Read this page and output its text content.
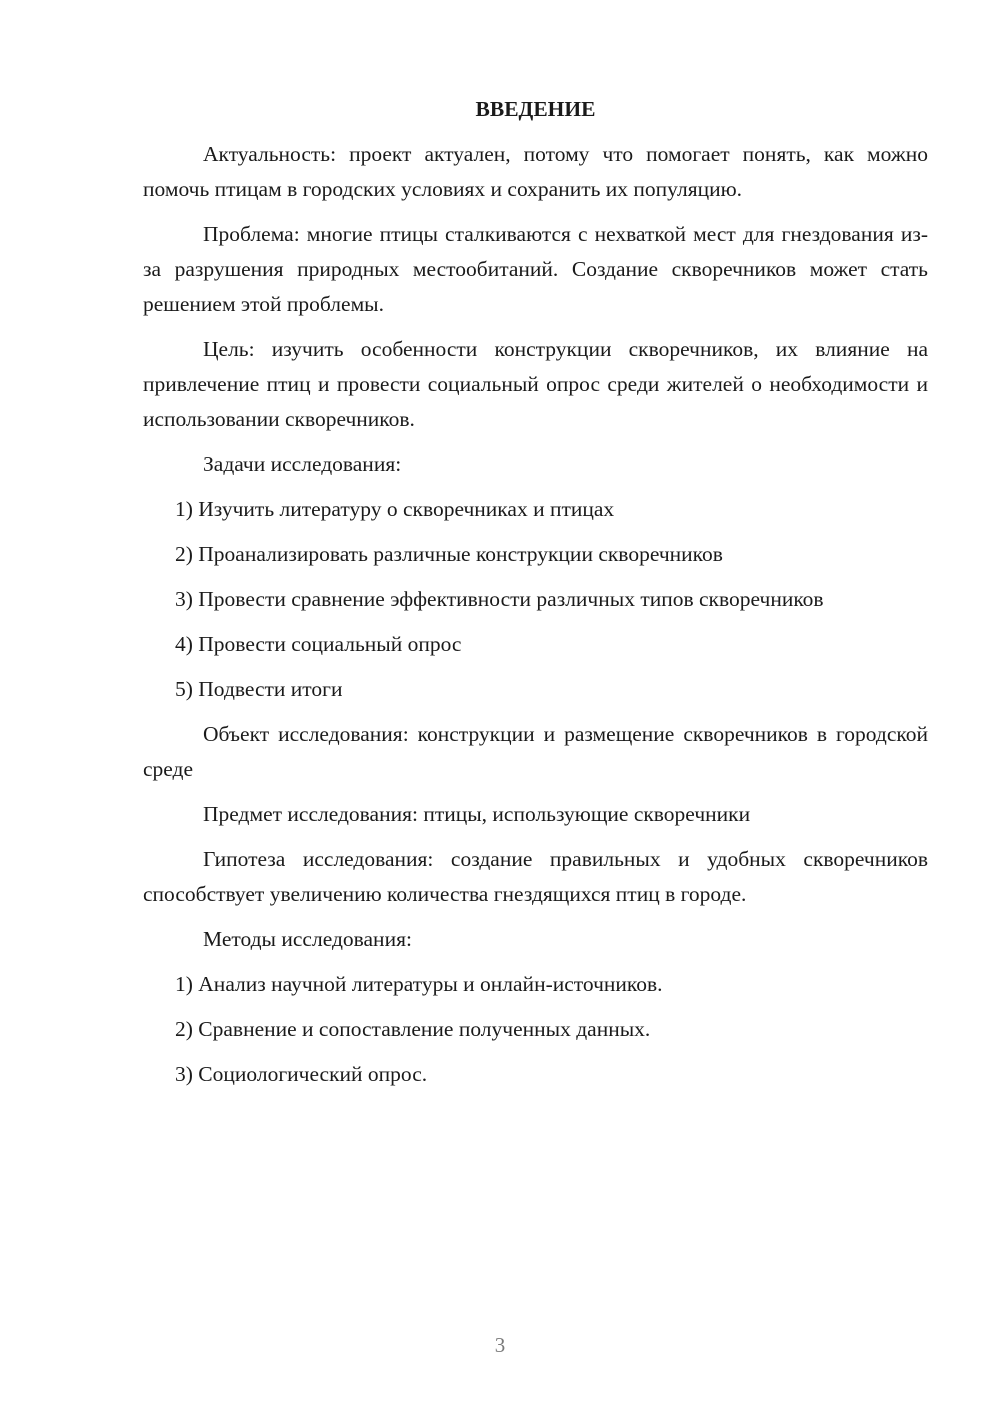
ВВЕДЕНИЕ

Актуальность: проект актуален, потому что помогает понять, как можно помочь птицам в городских условиях и сохранить их популяцию.

Проблема: многие птицы сталкиваются с нехваткой мест для гнездования из-за разрушения природных местообитаний. Создание скворечников может стать решением этой проблемы.

Цель: изучить особенности конструкции скворечников, их влияние на привлечение птиц и провести социальный опрос среди жителей о необходимости и использовании скворечников.

Задачи исследования:

1) Изучить литературу о скворечниках и птицах
2) Проанализировать различные конструкции скворечников
3) Провести сравнение эффективности различных типов скворечников
4) Провести социальный опрос
5) Подвести итоги

Объект исследования: конструкции и размещение скворечников в городской среде

Предмет исследования: птицы, использующие скворечники

Гипотеза исследования: создание правильных и удобных скворечников способствует увеличению количества гнездящихся птиц в городе.

Методы исследования:

1) Анализ научной литературы и онлайн-источников.
2) Сравнение и сопоставление полученных данных.
3) Социологический опрос.
3
